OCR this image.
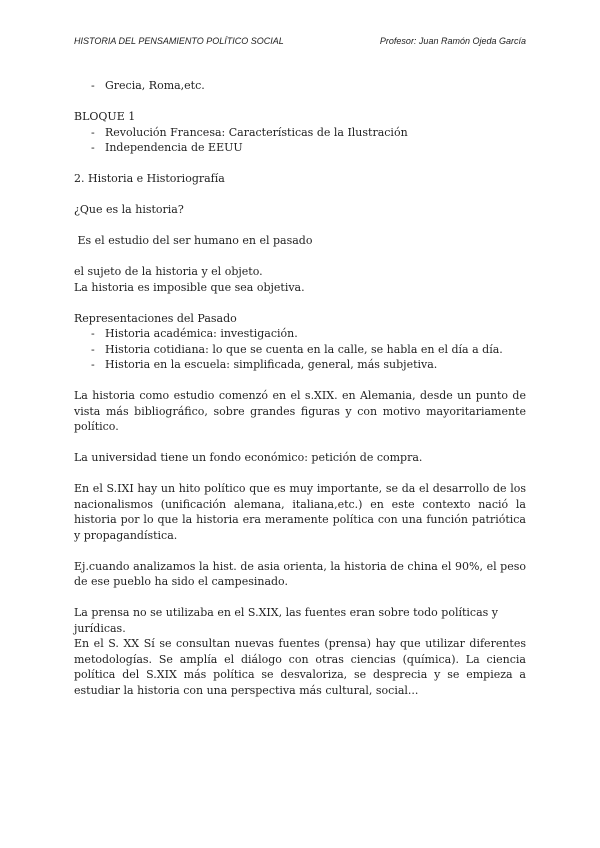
HISTORIA DEL PENSAMIENTO POLÍTICO SOCIAL	Profesor: Juan Ramón Ojeda García
- Grecia, Roma,etc.

BLOQUE 1

- Revolución Francesa: Características de la Ilustración
- Independencia de EEUU

2. Historia e Historiografía

¿Que es la historia?

Es el estudio del ser humano en el pasado

el sujeto de la historia y el objeto.

La historia es imposible que sea objetiva.

Representaciones del Pasado

- Historia académica: investigación.
- Historia cotidiana: lo que se cuenta en la calle, se habla en el día a día.
- Historia en la escuela: simplificada, general, más subjetiva.

La historia como estudio comenzó en el s.XIX. en Alemania, desde un punto de vista más bibliográfico, sobre grandes figuras y con motivo mayoritariamente político.

La universidad tiene un fondo económico: petición de compra.

En el S.IXI hay un hito político que es muy importante, se da el desarrollo de los nacionalismos (unificación alemana, italiana,etc.) en este contexto nació la historia por lo que la historia era meramente política con una función patriótica y propagandística.

Ej.cuando analizamos la hist. de asia orienta, la historia de china el 90%, el peso de ese pueblo ha sido el campesinado.

La prensa no se utilizaba en el S.XIX, las fuentes eran sobre todo políticas y jurídicas.

En el S. XX Sí se consultan nuevas fuentes (prensa) hay que utilizar diferentes metodologías. Se amplía el diálogo con otras ciencias (química). La ciencia política del S.XIX más política se desvaloriza, se desprecia y se empieza a estudiar la historia con una perspectiva más cultural, social...
